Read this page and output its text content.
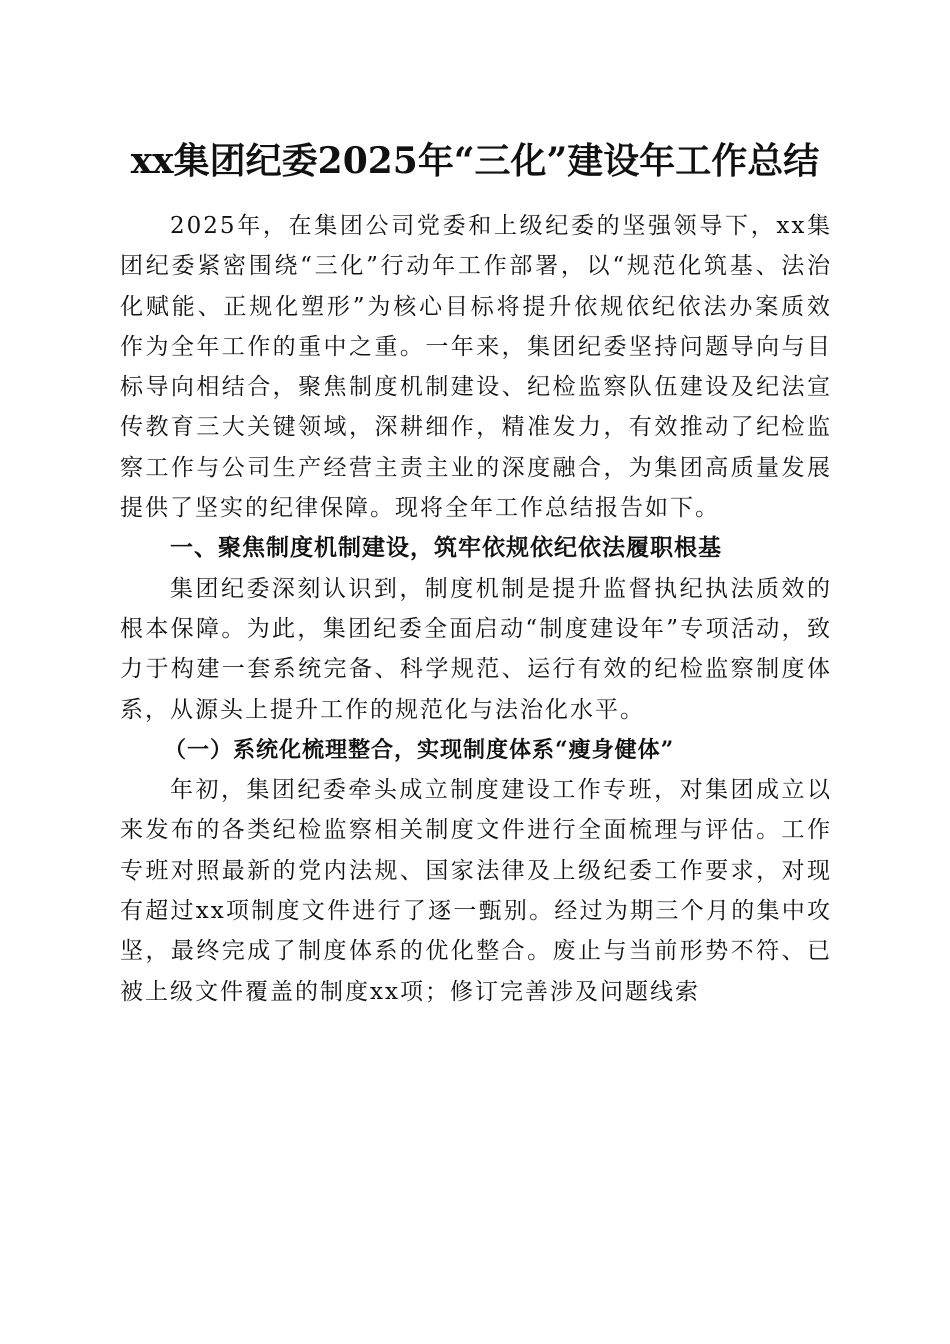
xx集团纪委2025年“三化”建设年工作总结

2025年，在集团公司党委和上级纪委的坚强领导下，xx集团纪委紧密围绕“三化”行动年工作部署，以“规范化筑基、法治化赋能、正规化塑形”为核心目标将提升依规依纪依法办案质效作为全年工作的重中之重。一年来，集团纪委坚持问题导向与目标导向相结合，聚焦制度机制建设、纪检监察队伍建设及纪法宣传教育三大关键领域，深耕细作，精准发力，有效推动了纪检监察工作与公司生产经营主责主业的深度融合，为集团高质量发展提供了坚实的纪律保障。现将全年工作总结报告如下。

一、聚焦制度机制建设，筑牢依规依纪依法履职根基

集团纪委深刻认识到，制度机制是提升监督执纪执法质效的根本保障。为此，集团纪委全面启动“制度建设年”专项活动，致力于构建一套系统完备、科学规范、运行有效的纪检监察制度体系，从源头上提升工作的规范化与法治化水平。

（一）系统化梳理整合，实现制度体系“瘦身健体”

年初，集团纪委牵头成立制度建设工作专班，对集团成立以来发布的各类纪检监察相关制度文件进行全面梳理与评估。工作专班对照最新的党内法规、国家法律及上级纪委工作要求，对现有超过xx项制度文件进行了逐一甄别。经过为期三个月的集中攻坚，最终完成了制度体系的优化整合。废止与当前形势不符、已被上级文件覆盖的制度xx项；修订完善涉及问题线索
